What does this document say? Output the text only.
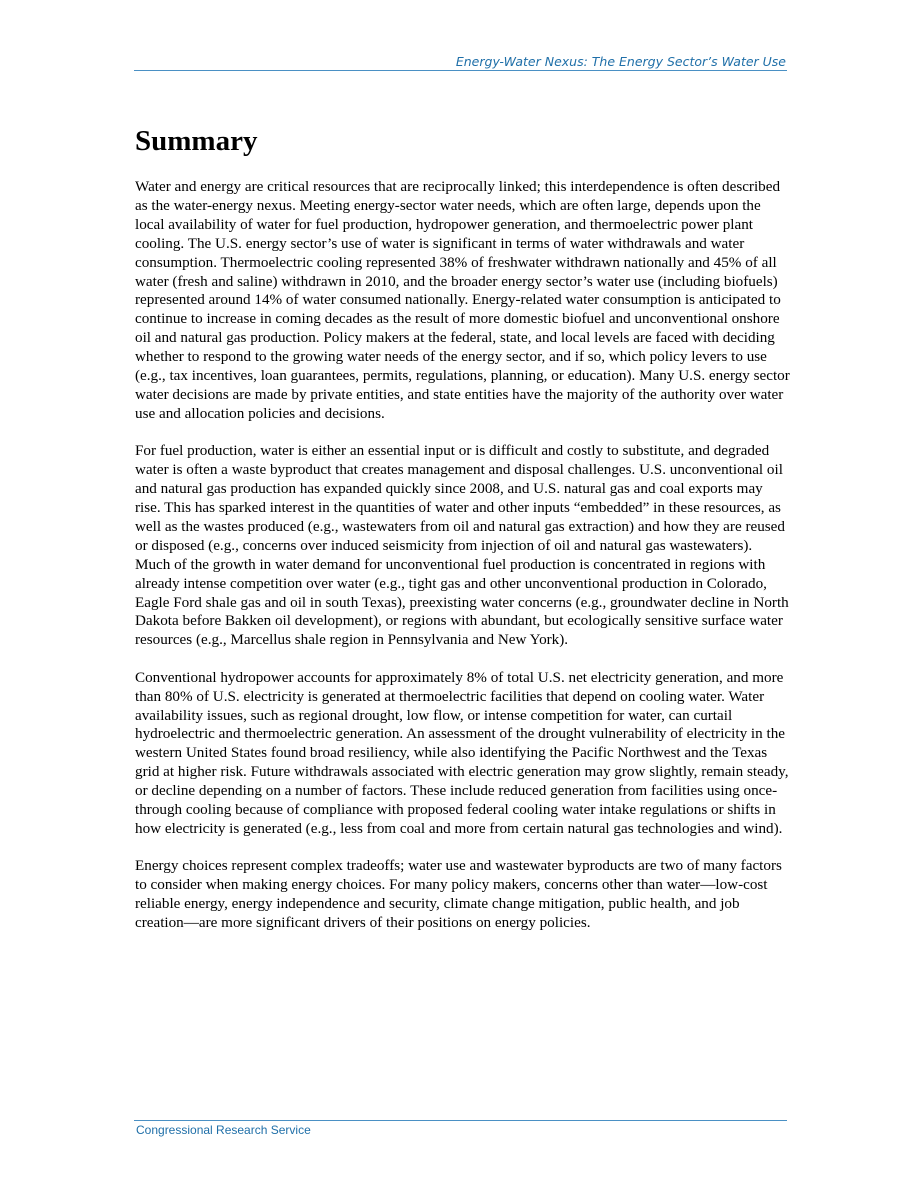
Energy-Water Nexus: The Energy Sector’s Water Use
Summary

Water and energy are critical resources that are reciprocally linked; this interdependence is often described as the water-energy nexus. Meeting energy-sector water needs, which are often large, depends upon the local availability of water for fuel production, hydropower generation, and thermoelectric power plant cooling. The U.S. energy sector’s use of water is significant in terms of water withdrawals and water consumption. Thermoelectric cooling represented 38% of freshwater withdrawn nationally and 45% of all water (fresh and saline) withdrawn in 2010, and the broader energy sector’s water use (including biofuels) represented around 14% of water consumed nationally. Energy-related water consumption is anticipated to continue to increase in coming decades as the result of more domestic biofuel and unconventional onshore oil and natural gas production. Policy makers at the federal, state, and local levels are faced with deciding whether to respond to the growing water needs of the energy sector, and if so, which policy levers to use (e.g., tax incentives, loan guarantees, permits, regulations, planning, or education). Many U.S. energy sector water decisions are made by private entities, and state entities have the majority of the authority over water use and allocation policies and decisions.

For fuel production, water is either an essential input or is difficult and costly to substitute, and degraded water is often a waste byproduct that creates management and disposal challenges. U.S. unconventional oil and natural gas production has expanded quickly since 2008, and U.S. natural gas and coal exports may rise. This has sparked interest in the quantities of water and other inputs “embedded” in these resources, as well as the wastes produced (e.g., wastewaters from oil and natural gas extraction) and how they are reused or disposed (e.g., concerns over induced seismicity from injection of oil and natural gas wastewaters). Much of the growth in water demand for unconventional fuel production is concentrated in regions with already intense competition over water (e.g., tight gas and other unconventional production in Colorado, Eagle Ford shale gas and oil in south Texas), preexisting water concerns (e.g., groundwater decline in North Dakota before Bakken oil development), or regions with abundant, but ecologically sensitive surface water resources (e.g., Marcellus shale region in Pennsylvania and New York).

Conventional hydropower accounts for approximately 8% of total U.S. net electricity generation, and more than 80% of U.S. electricity is generated at thermoelectric facilities that depend on cooling water. Water availability issues, such as regional drought, low flow, or intense competition for water, can curtail hydroelectric and thermoelectric generation. An assessment of the drought vulnerability of electricity in the western United States found broad resiliency, while also identifying the Pacific Northwest and the Texas grid at higher risk. Future withdrawals associated with electric generation may grow slightly, remain steady, or decline depending on a number of factors. These include reduced generation from facilities using once-through cooling because of compliance with proposed federal cooling water intake regulations or shifts in how electricity is generated (e.g., less from coal and more from certain natural gas technologies and wind).

Energy choices represent complex tradeoffs; water use and wastewater byproducts are two of many factors to consider when making energy choices. For many policy makers, concerns other than water—low-cost reliable energy, energy independence and security, climate change mitigation, public health, and job creation—are more significant drivers of their positions on energy policies.

Congressional Research Service
